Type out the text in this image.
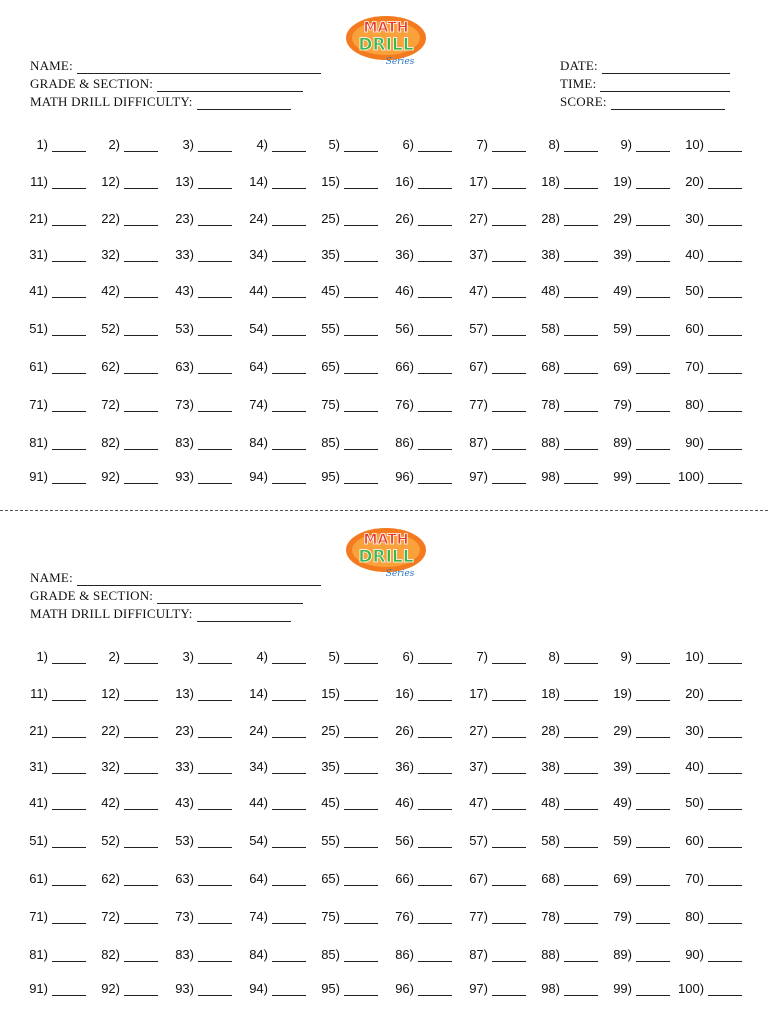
MATH
DRILL
Series
NAME:
GRADE & SECTION:
MATH DRILL DIFFICULTY:
DATE:
TIME:
SCORE:
1)	2)	3)	4)	5)	6)	7)	8)	9)	10)
11)	12)	13)	14)	15)	16)	17)	18)	19)	20)
21)	22)	23)	24)	25)	26)	27)	28)	29)	30)
31)	32)	33)	34)	35)	36)	37)	38)	39)	40)
41)	42)	43)	44)	45)	46)	47)	48)	49)	50)
51)	52)	53)	54)	55)	56)	57)	58)	59)	60)
61)	62)	63)	64)	65)	66)	67)	68)	69)	70)
71)	72)	73)	74)	75)	76)	77)	78)	79)	80)
81)	82)	83)	84)	85)	86)	87)	88)	89)	90)
91)	92)	93)	94)	95)	96)	97)	98)	99)	100)
MATH
DRILL
Series
NAME:
GRADE & SECTION:
MATH DRILL DIFFICULTY:
1)	2)	3)	4)	5)	6)	7)	8)	9)	10)
11)	12)	13)	14)	15)	16)	17)	18)	19)	20)
21)	22)	23)	24)	25)	26)	27)	28)	29)	30)
31)	32)	33)	34)	35)	36)	37)	38)	39)	40)
41)	42)	43)	44)	45)	46)	47)	48)	49)	50)
51)	52)	53)	54)	55)	56)	57)	58)	59)	60)
61)	62)	63)	64)	65)	66)	67)	68)	69)	70)
71)	72)	73)	74)	75)	76)	77)	78)	79)	80)
81)	82)	83)	84)	85)	86)	87)	88)	89)	90)
91)	92)	93)	94)	95)	96)	97)	98)	99)	100)
